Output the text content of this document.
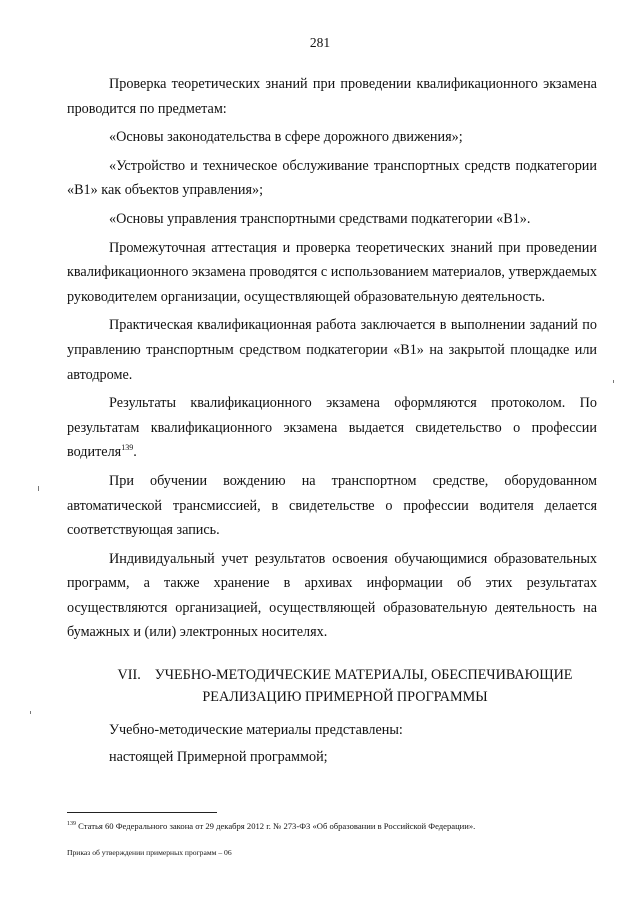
281

Проверка теоретических знаний при проведении квалификационного экзамена проводится по предметам:

«Основы законодательства в сфере дорожного движения»;

«Устройство и техническое обслуживание транспортных средств подкатегории «B1» как объектов управления»;

«Основы управления транспортными средствами подкатегории «B1».

Промежуточная аттестация и проверка теоретических знаний при проведении квалификационного экзамена проводятся с использованием материалов, утверждаемых руководителем организации, осуществляющей образовательную деятельность.

Практическая квалификационная работа заключается в выполнении заданий по управлению транспортным средством подкатегории «B1» на закрытой площадке или автодроме.

Результаты квалификационного экзамена оформляются протоколом. По результатам квалификационного экзамена выдается свидетельство о профессии водителя$^{139}$.

При обучении вождению на транспортном средстве, оборудованном автоматической трансмиссией, в свидетельстве о профессии водителя делается соответствующая запись.

Индивидуальный учет результатов освоения обучающимися образовательных программ, а также хранение в архивах информации об этих результатах осуществляются организацией, осуществляющей образовательную деятельность на бумажных и (или) электронных носителях.

VII. УЧЕБНО-МЕТОДИЧЕСКИЕ МАТЕРИАЛЫ, ОБЕСПЕЧИВАЮЩИЕ
РЕАЛИЗАЦИЮ ПРИМЕРНОЙ ПРОГРАММЫ
Учебно-методические материалы представлены:
настоящей Примерной программой;
$^{139}$ Статья 60 Федерального закона от 29 декабря 2012 г. № 273-ФЗ «Об образовании в Российской Федерации».
Приказ об утверждении примерных программ – 06
